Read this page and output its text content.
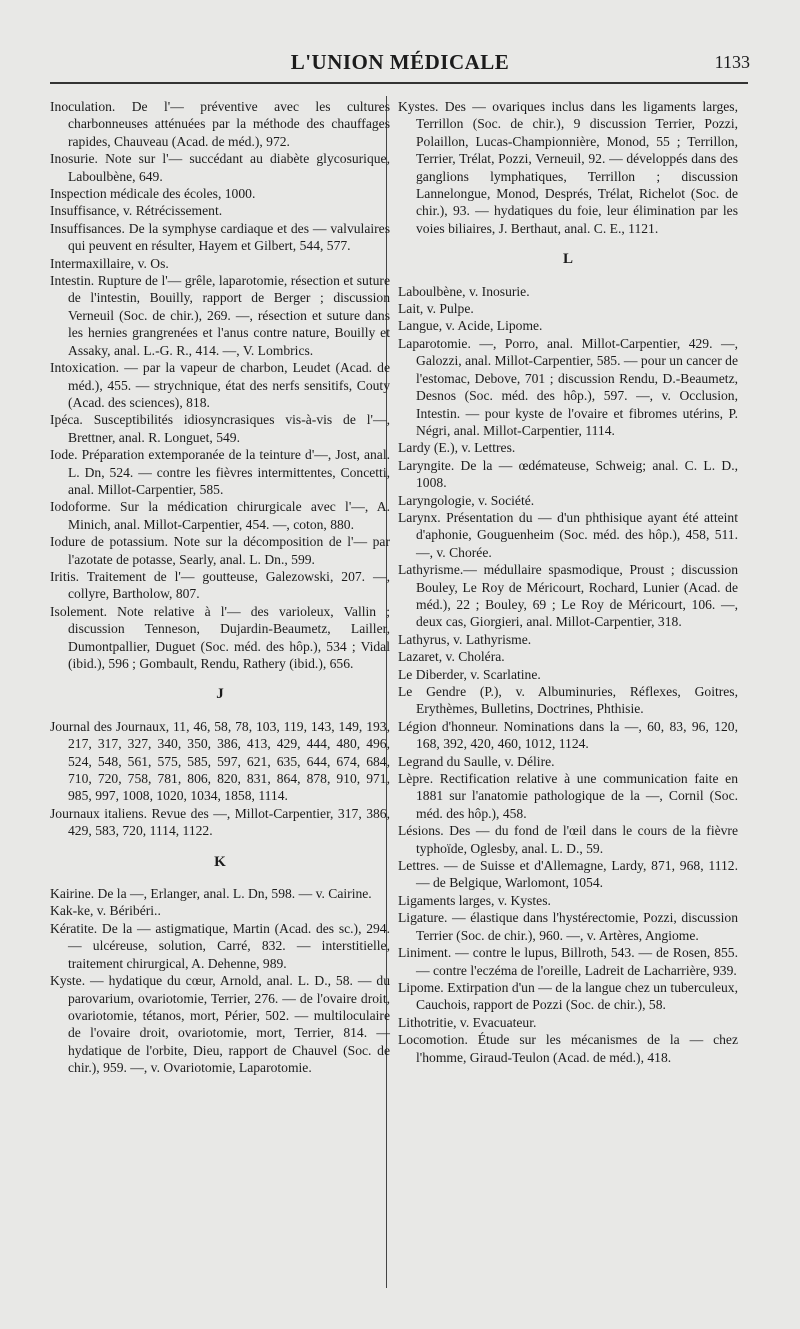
L'UNION MÉDICALE	1133

Inoculation. De l'— préventive avec les cultures charbonneuses atténuées par la méthode des chauffages rapides, Chauveau (Acad. de méd.), 972.

Inosurie. Note sur l'— succédant au diabète glycosurique, Laboulbène, 649.

Inspection médicale des écoles, 1000.

Insuffisance, v. Rétrécissement.

Insuffisances. De la symphyse cardiaque et des — valvulaires qui peuvent en résulter, Hayem et Gilbert, 544, 577.

Intermaxillaire, v. Os.

Intestin. Rupture de l'— grêle, laparotomie, résection et suture de l'intestin, Bouilly, rapport de Berger ; discussion Verneuil (Soc. de chir.), 269. —, résection et suture dans les hernies grangrenées et l'anus contre nature, Bouilly et Assaky, anal. L.-G. R., 414. —, V. Lombrics.

Intoxication. — par la vapeur de charbon, Leudet (Acad. de méd.), 455. — strychnique, état des nerfs sensitifs, Couty (Acad. des sciences), 818.

Ipéca. Susceptibilités idiosyncrasiques vis-à-vis de l'—, Brettner, anal. R. Longuet, 549.

Iode. Préparation extemporanée de la teinture d'—, Jost, anal. L. Dn, 524. — contre les fièvres intermittentes, Concetti, anal. Millot-Carpentier, 585.

Iodoforme. Sur la médication chirurgicale avec l'—, A. Minich, anal. Millot-Carpentier, 454. —, coton, 880.

Iodure de potassium. Note sur la décomposition de l'— par l'azotate de potasse, Searly, anal. L. Dn., 599.

Iritis. Traitement de l'— goutteuse, Galezowski, 207. —, collyre, Bartholow, 807.

Isolement. Note relative à l'— des varioleux, Vallin ; discussion Tenneson, Dujardin-Beaumetz, Lailler, Dumontpallier, Duguet (Soc. méd. des hôp.), 534 ; Vidal (ibid.), 596 ; Gombault, Rendu, Rathery (ibid.), 656.

J

Journal des Journaux, 11, 46, 58, 78, 103, 119, 143, 149, 193, 217, 317, 327, 340, 350, 386, 413, 429, 444, 480, 496, 524, 548, 561, 575, 585, 597, 621, 635, 644, 674, 684, 710, 720, 758, 781, 806, 820, 831, 864, 878, 910, 971, 985, 997, 1008, 1020, 1034, 1858, 1114.

Journaux italiens. Revue des —, Millot-Carpentier, 317, 386, 429, 583, 720, 1114, 1122.

K

Kairine. De la —, Erlanger, anal. L. Dn, 598. — v. Cairine.

Kak-ke, v. Béribéri..

Kératite. De la — astigmatique, Martin (Acad. des sc.), 294. — ulcéreuse, solution, Carré, 832. — interstitielle, traitement chirurgical, A. Dehenne, 989.

Kyste. — hydatique du cœur, Arnold, anal. L. D., 58. — du parovarium, ovariotomie, Terrier, 276. — de l'ovaire droit, ovariotomie, tétanos, mort, Périer, 502. — multiloculaire de l'ovaire droit, ovariotomie, mort, Terrier, 814. — hydatique de l'orbite, Dieu, rapport de Chauvel (Soc. de chir.), 959. —, v. Ovariotomie, Laparotomie.

Kystes. Des — ovariques inclus dans les ligaments larges, Terrillon (Soc. de chir.), 9 discussion Terrier, Pozzi, Polaillon, Lucas-Championnière, Monod, 55 ; Terrillon, Terrier, Trélat, Pozzi, Verneuil, 92. — développés dans des ganglions lymphatiques, Terrillon ; discussion Lannelongue, Monod, Després, Trélat, Richelot (Soc. de chir.), 93. — hydatiques du foie, leur élimination par les voies biliaires, J. Berthaut, anal. C. E., 1121.

L

Laboulbène, v. Inosurie.

Lait, v. Pulpe.

Langue, v. Acide, Lipome.

Laparotomie. —, Porro, anal. Millot-Carpentier, 429. —, Galozzi, anal. Millot-Carpentier, 585. — pour un cancer de l'estomac, Debove, 701 ; discussion Rendu, D.-Beaumetz, Desnos (Soc. méd. des hôp.), 597. —, v. Occlusion, Intestin. — pour kyste de l'ovaire et fibromes utérins, P. Négri, anal. Millot-Carpentier, 1114.

Lardy (E.), v. Lettres.

Laryngite. De la — œdémateuse, Schweig; anal. C. L. D., 1008.

Laryngologie, v. Société.

Larynx. Présentation du — d'un phthisique ayant été atteint d'aphonie, Gouguenheim (Soc. méd. des hôp.), 458, 511. —, v. Chorée.

Lathyrisme.— médullaire spasmodique, Proust ; discussion Bouley, Le Roy de Méricourt, Rochard, Lunier (Acad. de méd.), 22 ; Bouley, 69 ; Le Roy de Méricourt, 106. —, deux cas, Giorgieri, anal. Millot-Carpentier, 318.

Lathyrus, v. Lathyrisme.

Lazaret, v. Choléra.

Le Diberder, v. Scarlatine.

Le Gendre (P.), v. Albuminuries, Réflexes, Goitres, Erythèmes, Bulletins, Doctrines, Phthisie.

Légion d'honneur. Nominations dans la —, 60, 83, 96, 120, 168, 392, 420, 460, 1012, 1124.

Legrand du Saulle, v. Délire.

Lèpre. Rectification relative à une communication faite en 1881 sur l'anatomie pathologique de la —, Cornil (Soc. méd. des hôp.), 458.

Lésions. Des — du fond de l'œil dans le cours de la fièvre typhoïde, Oglesby, anal. L. D., 59.

Lettres. — de Suisse et d'Allemagne, Lardy, 871, 968, 1112. — de Belgique, Warlomont, 1054.

Ligaments larges, v. Kystes.

Ligature. — élastique dans l'hystérectomie, Pozzi, discussion Terrier (Soc. de chir.), 960. —, v. Artères, Angiome.

Liniment. — contre le lupus, Billroth, 543. — de Rosen, 855. — contre l'eczéma de l'oreille, Ladreit de Lacharrière, 939.

Lipome. Extirpation d'un — de la langue chez un tuberculeux, Cauchois, rapport de Pozzi (Soc. de chir.), 58.

Lithotritie, v. Evacuateur.

Locomotion. Étude sur les mécanismes de la — chez l'homme, Giraud-Teulon (Acad. de méd.), 418.
